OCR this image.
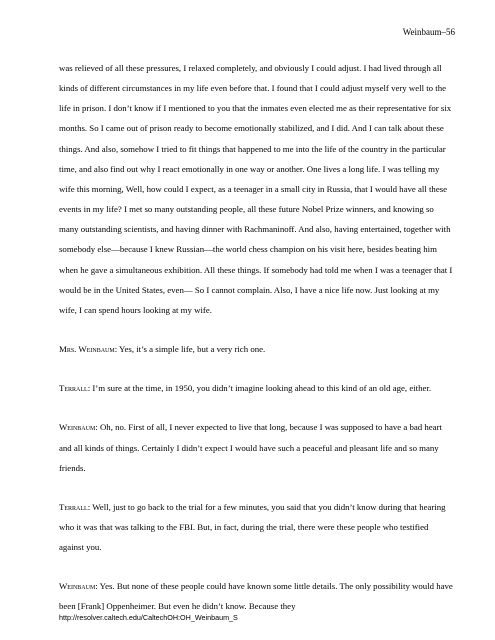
Weinbaum–56

was relieved of all these pressures, I relaxed completely, and obviously I could adjust. I had lived through all kinds of different circumstances in my life even before that. I found that I could adjust myself very well to the life in prison. I don’t know if I mentioned to you that the inmates even elected me as their representative for six months. So I came out of prison ready to become emotionally stabilized, and I did. And I can talk about these things. And also, somehow I tried to fit things that happened to me into the life of the country in the particular time, and also find out why I react emotionally in one way or another. One lives a long life. I was telling my wife this morning, Well, how could I expect, as a teenager in a small city in Russia, that I would have all these events in my life? I met so many outstanding people, all these future Nobel Prize winners, and knowing so many outstanding scientists, and having dinner with Rachmaninoff. And also, having entertained, together with somebody else—because I knew Russian—the world chess champion on his visit here, besides beating him when he gave a simultaneous exhibition. All these things. If somebody had told me when I was a teenager that I would be in the United States, even— So I cannot complain. Also, I have a nice life now. Just looking at my wife, I can spend hours looking at my wife.

Mrs. Weinbaum: Yes, it’s a simple life, but a very rich one.

Terrall: I’m sure at the time, in 1950, you didn’t imagine looking ahead to this kind of an old age, either.

Weinbaum: Oh, no. First of all, I never expected to live that long, because I was supposed to have a bad heart and all kinds of things. Certainly I didn’t expect I would have such a peaceful and pleasant life and so many friends.

Terrall: Well, just to go back to the trial for a few minutes, you said that you didn’t know during that hearing who it was that was talking to the FBI. But, in fact, during the trial, there were these people who testified against you.

Weinbaum: Yes. But none of these people could have known some little details. The only possibility would have been [Frank] Oppenheimer. But even he didn’t know. Because they

http://resolver.caltech.edu/CaltechOH:OH_Weinbaum_S
